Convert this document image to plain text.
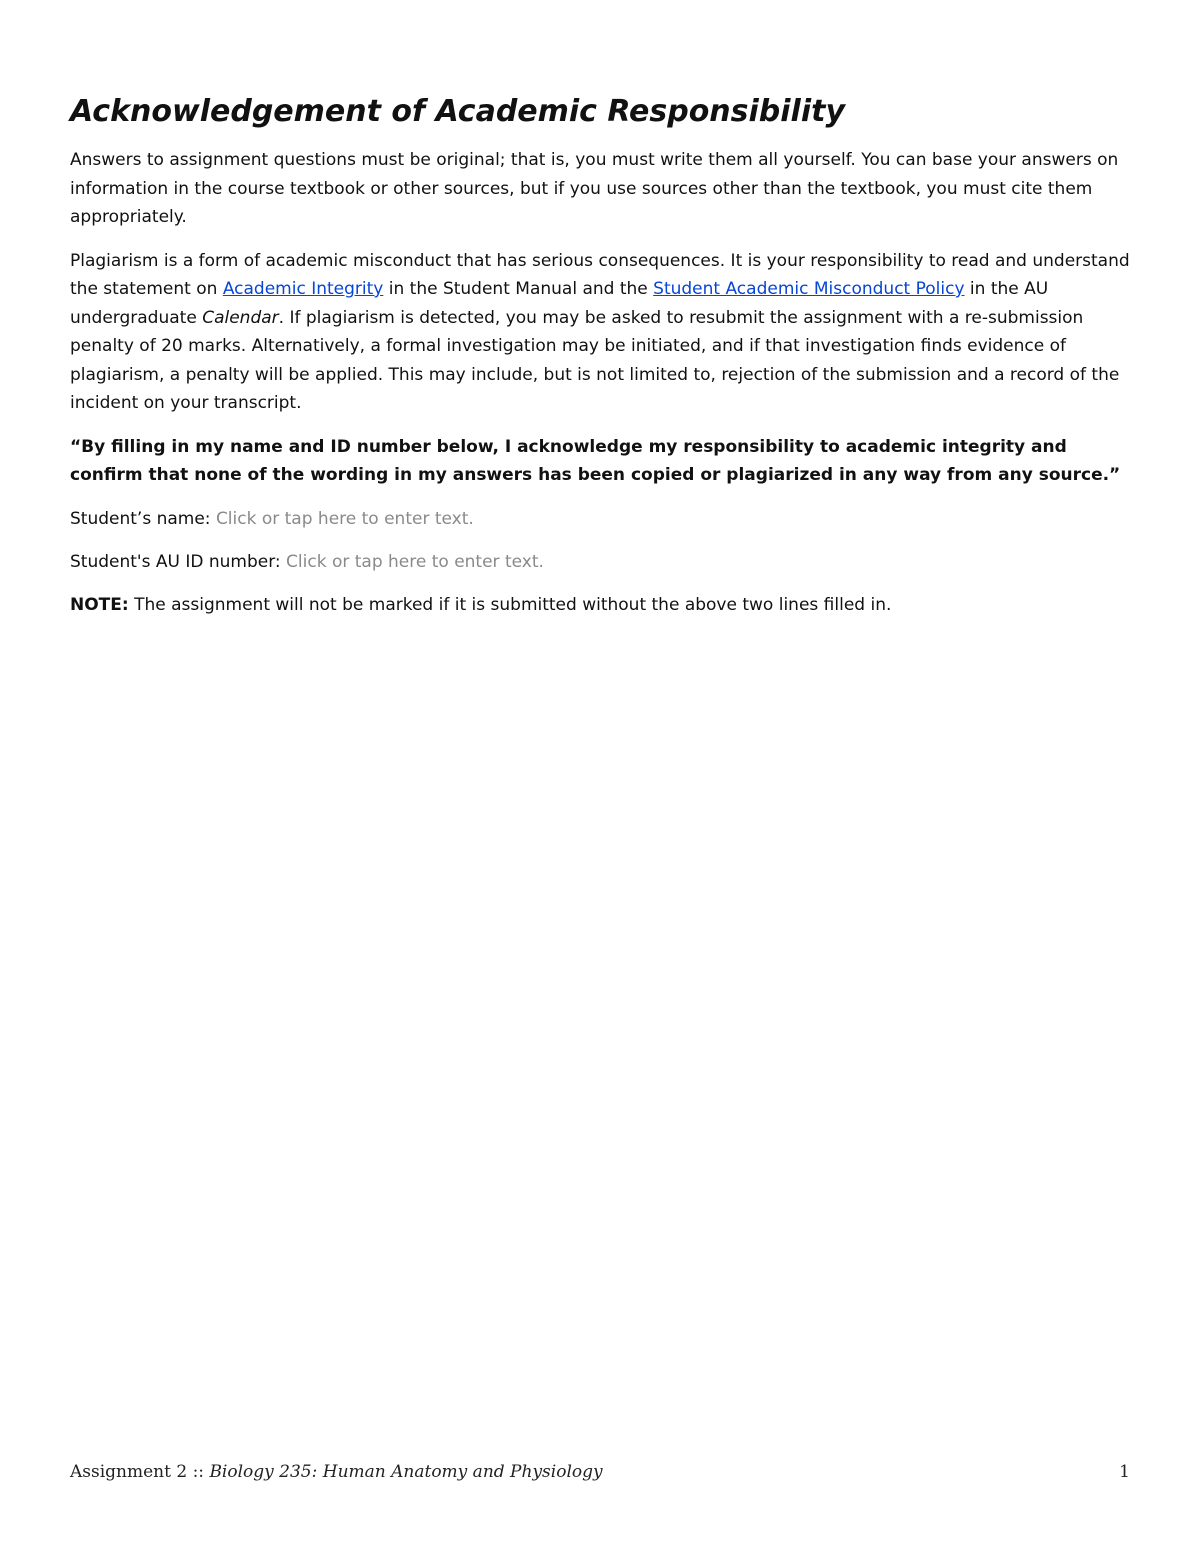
Acknowledgement of Academic Responsibility

Answers to assignment questions must be original; that is, you must write them all yourself. You can base your answers on information in the course textbook or other sources, but if you use sources other than the textbook, you must cite them appropriately.

Plagiarism is a form of academic misconduct that has serious consequences. It is your responsibility to read and understand the statement on Academic Integrity in the Student Manual and the Student Academic Misconduct Policy in the AU undergraduate Calendar. If plagiarism is detected, you may be asked to resubmit the assignment with a re-submission penalty of 20 marks. Alternatively, a formal investigation may be initiated, and if that investigation finds evidence of plagiarism, a penalty will be applied. This may include, but is not limited to, rejection of the submission and a record of the incident on your transcript.

“By filling in my name and ID number below, I acknowledge my responsibility to academic integrity and confirm that none of the wording in my answers has been copied or plagiarized in any way from any source.”

Student’s name: Click or tap here to enter text.
Student's AU ID number: Click or tap here to enter text.
NOTE: The assignment will not be marked if it is submitted without the above two lines filled in.
Assignment 2 :: Biology 235: Human Anatomy and Physiology	1
